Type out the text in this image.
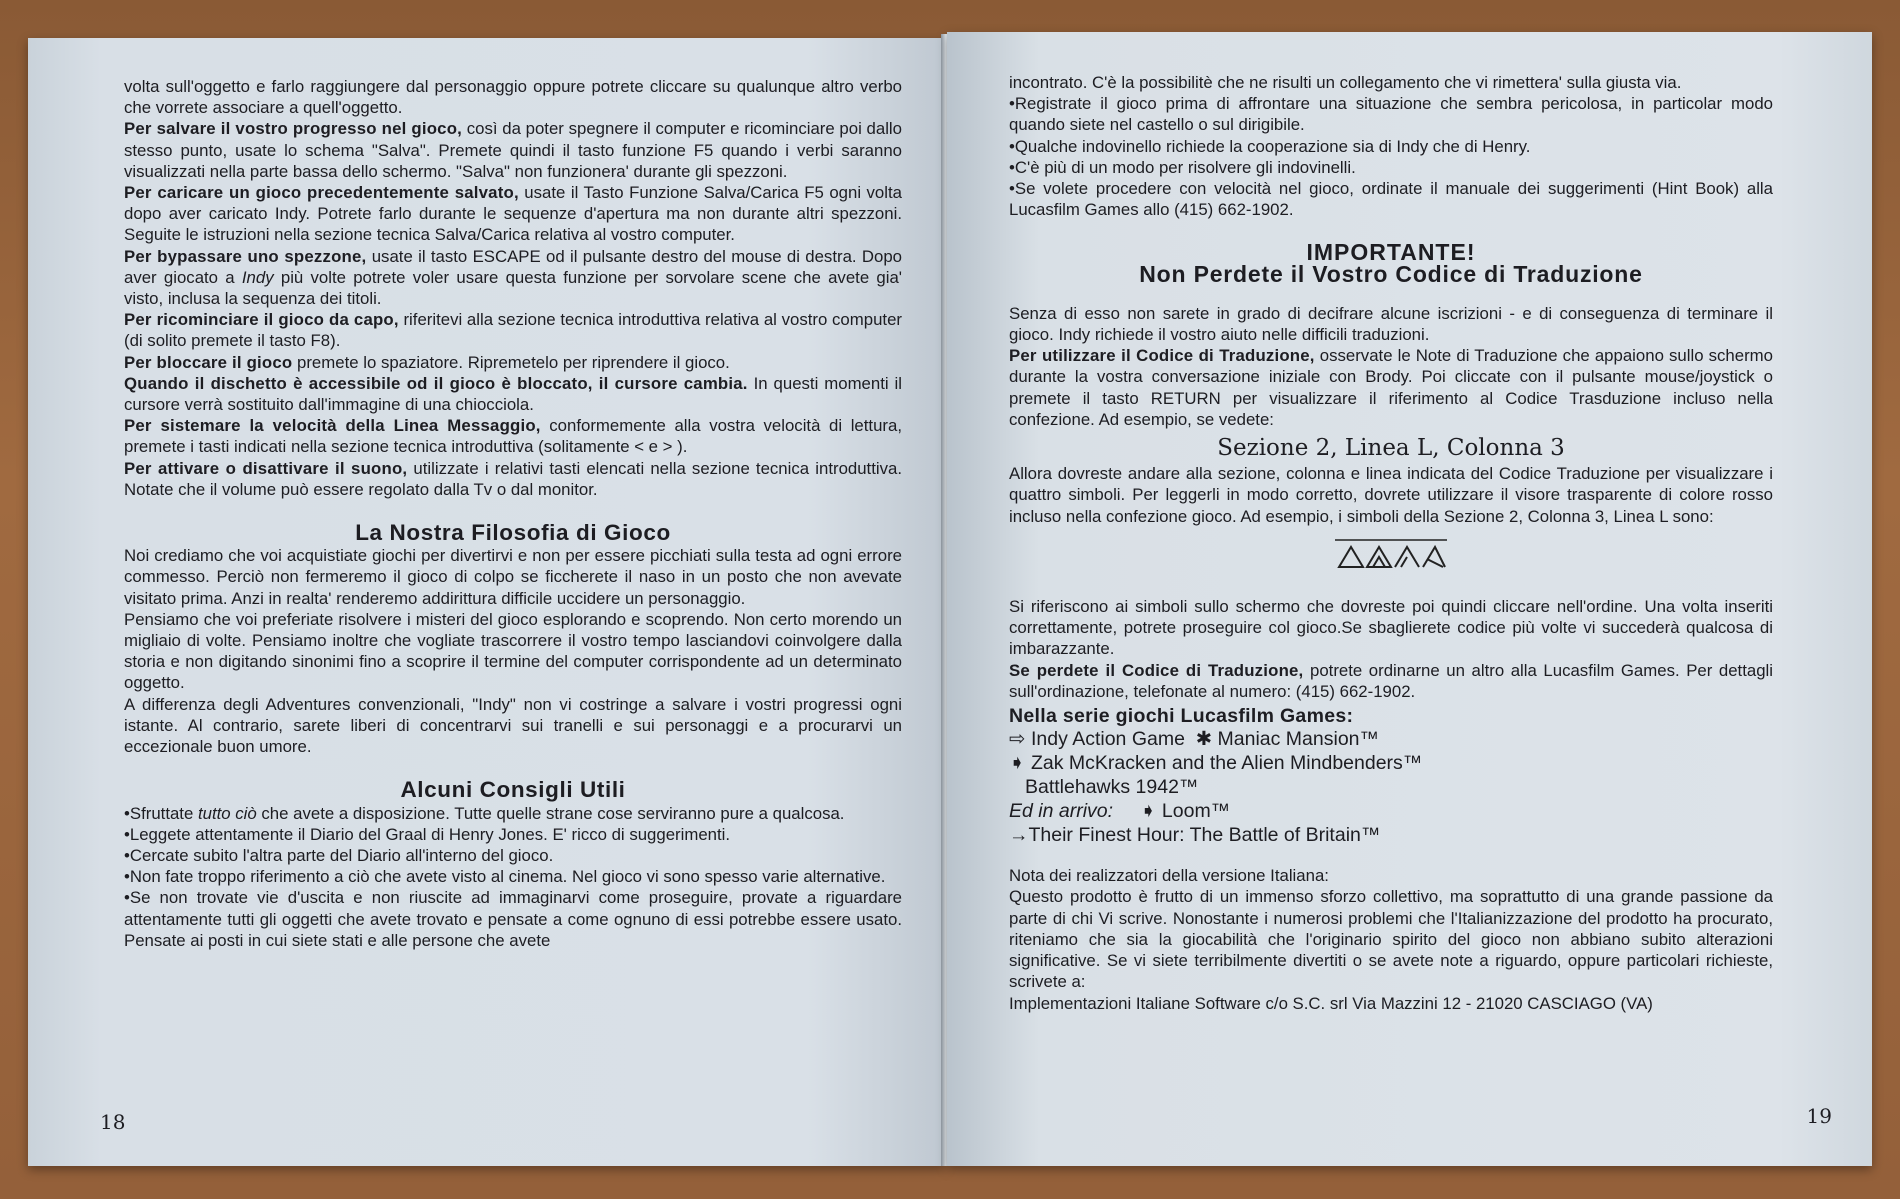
volta sull'oggetto e farlo raggiungere dal personaggio oppure potrete cliccare su qualunque altro verbo che vorrete associare a quell'oggetto.

Per salvare il vostro progresso nel gioco, così da poter spegnere il computer e ricominciare poi dallo stesso punto, usate lo schema "Salva". Premete quindi il tasto funzione F5 quando i verbi saranno visualizzati nella parte bassa dello schermo. "Salva" non funzionera' durante gli spezzoni.

Per caricare un gioco precedentemente salvato, usate il Tasto Funzione Salva/Carica F5 ogni volta dopo aver caricato Indy. Potrete farlo durante le sequenze d'apertura ma non durante altri spezzoni. Seguite le istruzioni nella sezione tecnica Salva/Carica relativa al vostro computer.

Per bypassare uno spezzone, usate il tasto ESCAPE od il pulsante destro del mouse di destra. Dopo aver giocato a Indy più volte potrete voler usare questa funzione per sorvolare scene che avete gia' visto, inclusa la sequenza dei titoli.

Per ricominciare il gioco da capo, riferitevi alla sezione tecnica introduttiva relativa al vostro computer (di solito premete il tasto F8).

Per bloccare il gioco premete lo spaziatore. Ripremetelo per riprendere il gioco.

Quando il dischetto è accessibile od il gioco è bloccato, il cursore cambia. In questi momenti il cursore verrà sostituito dall'immagine di una chiocciola.

Per sistemare la velocità della Linea Messaggio, conformemente alla vostra velocità di lettura, premete i tasti indicati nella sezione tecnica introduttiva (solitamente < e > ).

Per attivare o disattivare il suono, utilizzate i relativi tasti elencati nella sezione tecnica introduttiva. Notate che il volume può essere regolato dalla Tv o dal monitor.

La Nostra Filosofia di Gioco

Noi crediamo che voi acquistiate giochi per divertirvi e non per essere picchiati sulla testa ad ogni errore commesso. Perciò non fermeremo il gioco di colpo se ficcherete il naso in un posto che non avevate visitato prima. Anzi in realta' renderemo addirittura difficile uccidere un personaggio.

Pensiamo che voi preferiate risolvere i misteri del gioco esplorando e scoprendo. Non certo morendo un migliaio di volte. Pensiamo inoltre che vogliate trascorrere il vostro tempo lasciandovi coinvolgere dalla storia e non digitando sinonimi fino a scoprire il termine del computer corrispondente ad un determinato oggetto.

A differenza degli Adventures convenzionali, "Indy" non vi costringe a salvare i vostri progressi ogni istante. Al contrario, sarete liberi di concentrarvi sui tranelli e sui personaggi e a procurarvi un eccezionale buon umore.

Alcuni Consigli Utili

•Sfruttate tutto ciò che avete a disposizione. Tutte quelle strane cose serviranno pure a qualcosa.

•Leggete attentamente il Diario del Graal di Henry Jones. E' ricco di suggerimenti.

•Cercate subito l'altra parte del Diario all'interno del gioco.

•Non fate troppo riferimento a ciò che avete visto al cinema. Nel gioco vi sono spesso varie alternative.

•Se non trovate vie d'uscita e non riuscite ad immaginarvi come proseguire, provate a riguardare attentamente tutti gli oggetti che avete trovato e pensate a come ognuno di essi potrebbe essere usato. Pensate ai posti in cui siete stati e alle persone che avete

18

incontrato. C'è la possibilitè che ne risulti un collegamento che vi rimettera' sulla giusta via.

•Registrate il gioco prima di affrontare una situazione che sembra pericolosa, in particolar modo quando siete nel castello o sul dirigibile.

•Qualche indovinello richiede la cooperazione sia di Indy che di Henry.

•C'è più di un modo per risolvere gli indovinelli.

•Se volete procedere con velocità nel gioco, ordinate il manuale dei suggerimenti (Hint Book) alla Lucasfilm Games allo (415) 662-1902.

IMPORTANTE!
Non Perdete il Vostro Codice di Traduzione

Senza di esso non sarete in grado di decifrare alcune iscrizioni - e di conseguenza di terminare il gioco. Indy richiede il vostro aiuto nelle difficili traduzioni.

Per utilizzare il Codice di Traduzione, osservate le Note di Traduzione che appaiono sullo schermo durante la vostra conversazione iniziale con Brody. Poi cliccate con il pulsante mouse/joystick o premete il tasto RETURN per visualizzare il riferimento al Codice Trasduzione incluso nella confezione. Ad esempio, se vedete:

Sezione 2, Linea L, Colonna 3

Allora dovreste andare alla sezione, colonna e linea indicata del Codice Traduzione per visualizzare i quattro simboli. Per leggerli in modo corretto, dovrete utilizzare il visore trasparente di colore rosso incluso nella confezione gioco. Ad esempio, i simboli della Sezione 2, Colonna 3, Linea L sono:

Si riferiscono ai simboli sullo schermo che dovreste poi quindi cliccare nell'ordine. Una volta inseriti correttamente, potrete proseguire col gioco.Se sbaglierete codice più volte vi succederà qualcosa di imbarazzante.

Se perdete il Codice di Traduzione, potrete ordinarne un altro alla Lucasfilm Games. Per dettagli sull'ordinazione, telefonate al numero: (415) 662-1902.

Nella serie giochi Lucasfilm Games:
⇨ Indy Action Game ✱ Maniac Mansion™
➧ Zak McKracken and the Alien Mindbenders™
Battlehawks 1942™
Ed in arrivo: ➧ Loom™
→Their Finest Hour: The Battle of Britain™
Nota dei realizzatori della versione Italiana:

Questo prodotto è frutto di un immenso sforzo collettivo, ma soprattutto di una grande passione da parte di chi Vi scrive. Nonostante i numerosi problemi che l'Italianizzazione del prodotto ha procurato, riteniamo che sia la giocabilità che l'originario spirito del gioco non abbiano subito alterazioni significative. Se vi siete terribilmente divertiti o se avete note a riguardo, oppure particolari richieste, scrivete a:

Implementazioni Italiane Software c/o S.C. srl Via Mazzini 12 - 21020 CASCIAGO (VA)
19
